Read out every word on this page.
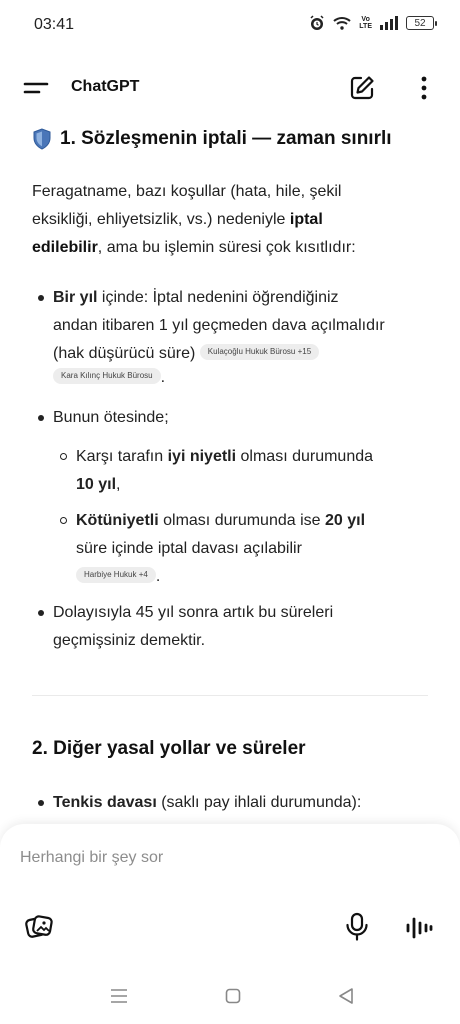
03:41	Vo
LTE	52
ChatGPT
1. Sözleşmenin iptali — zaman sınırlı
Feragatname, bazı koşullar (hata, hile, şekil
eksikliği, ehliyetsizlik, vs.) nedeniyle iptal
edilebilir, ama bu işlemin süresi çok kısıtlıdır:
Bir yıl içinde: İptal nedenini öğrendiğiniz
andan itibaren 1 yıl geçmeden dava açılmalıdır
(hak düşürücü süre) Kulaçoğlu Hukuk Bürosu +15
Kara Kılınç Hukuk Bürosu .
Bunun ötesinde;
Karşı tarafın iyi niyetli olması durumunda
10 yıl,
Kötüniyetli olması durumunda ise 20 yıl
süre içinde iptal davası açılabilir
Harbiye Hukuk +4 .
Dolayısıyla 45 yıl sonra artık bu süreleri
geçmişsiniz demektir.
2. Diğer yasal yollar ve süreler
Tenkis davası (saklı pay ihlali durumunda):
Herhangi bir şey sor
